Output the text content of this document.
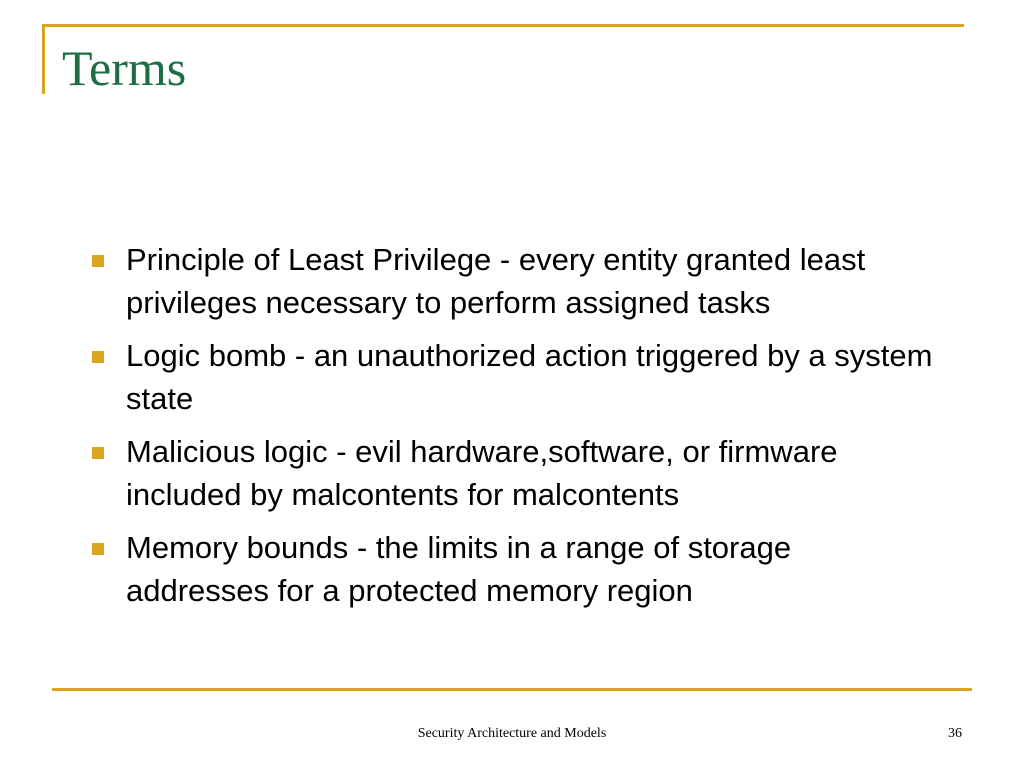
Terms
Principle of Least Privilege - every entity granted least privileges necessary to perform assigned tasks
Logic bomb - an unauthorized action triggered by a system state
Malicious logic - evil hardware,software, or firmware included by malcontents for malcontents
Memory bounds - the limits in a range of storage addresses for a protected memory region
Security Architecture and Models	36
